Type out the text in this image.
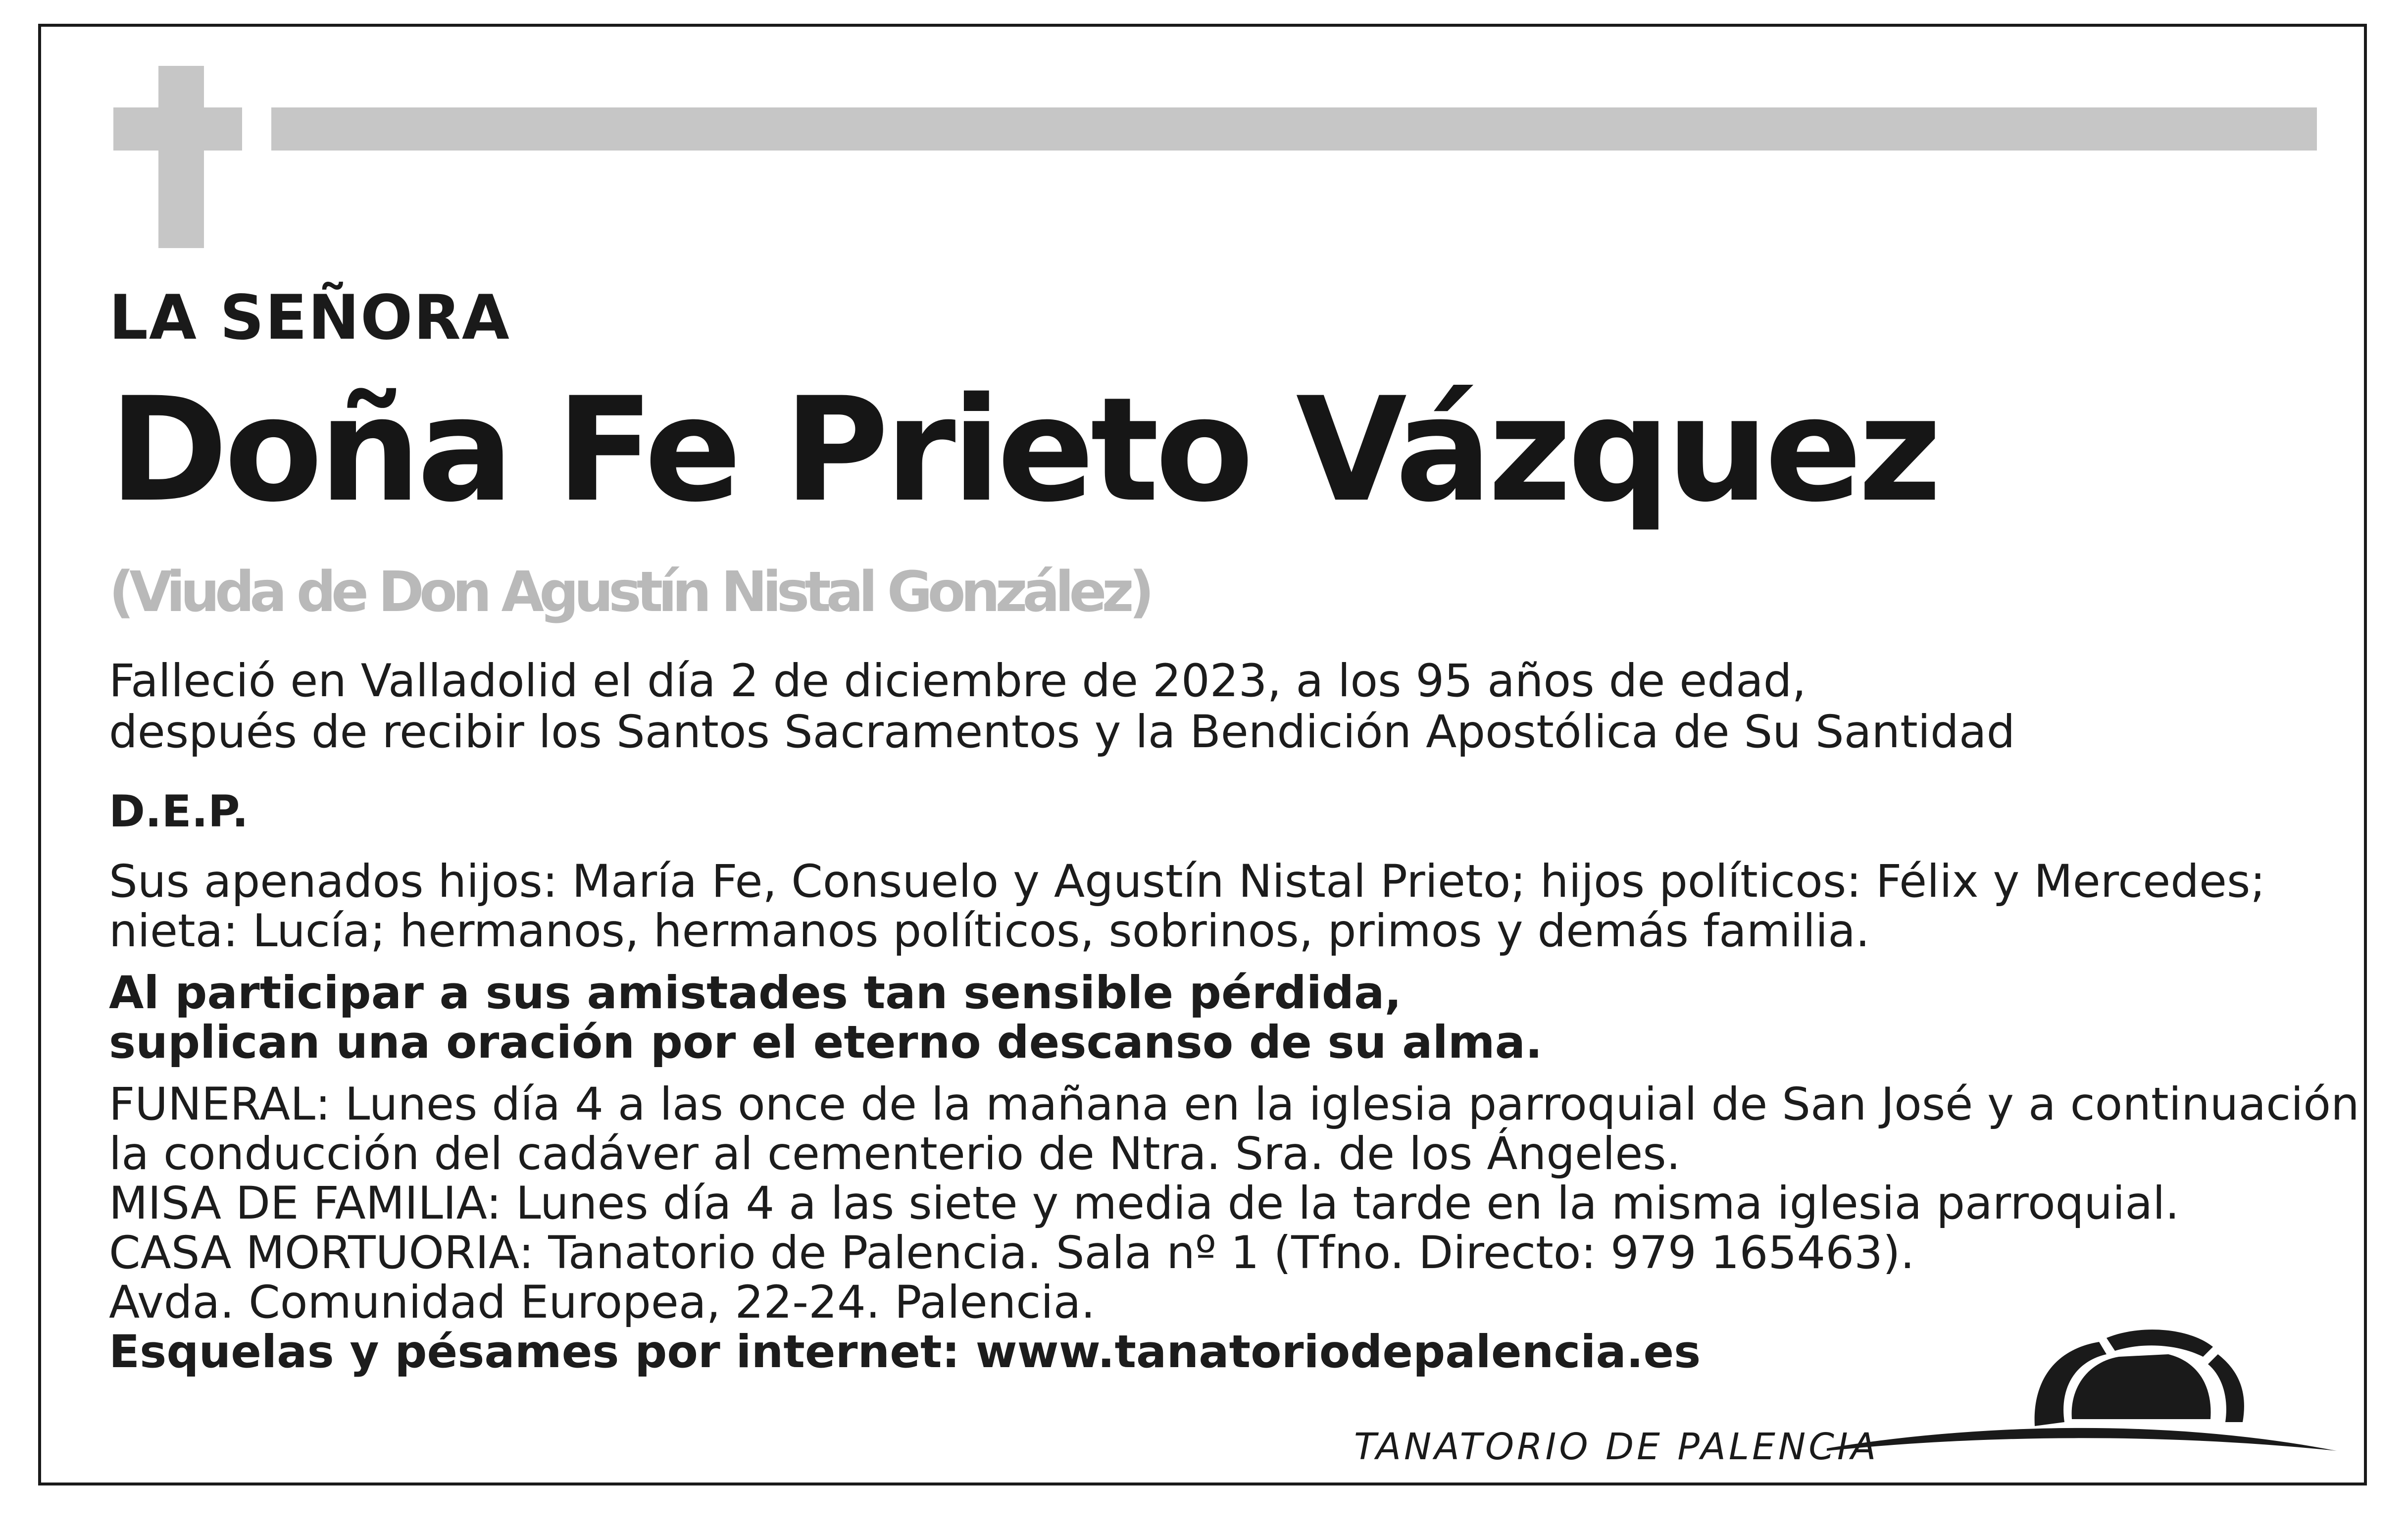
LA SEÑORA
Doña Fe Prieto Vázquez
(Viuda de Don Agustín Nistal González)
Falleció en Valladolid el día 2 de diciembre de 2023, a los 95 años de edad,
después de recibir los Santos Sacramentos y la Bendición Apostólica de Su Santidad
D.E.P.
Sus apenados hijos: María Fe, Consuelo y Agustín Nistal Prieto; hijos políticos: Félix y Mercedes;
nieta: Lucía; hermanos, hermanos políticos, sobrinos, primos y demás familia.
Al participar a sus amistades tan sensible pérdida,
suplican una oración por el eterno descanso de su alma.
FUNERAL: Lunes día 4 a las once de la mañana en la iglesia parroquial de San José y a continuación
la conducción del cadáver al cementerio de Ntra. Sra. de los Ángeles.
MISA DE FAMILIA: Lunes día 4 a las siete y media de la tarde en la misma iglesia parroquial.
CASA MORTUORIA: Tanatorio de Palencia. Sala nº 1 (Tfno. Directo: 979 165463).
Avda. Comunidad Europea, 22-24. Palencia.
Esquelas y pésames por internet: www.tanatoriodepalencia.es
TANATORIO DE PALENCIA
